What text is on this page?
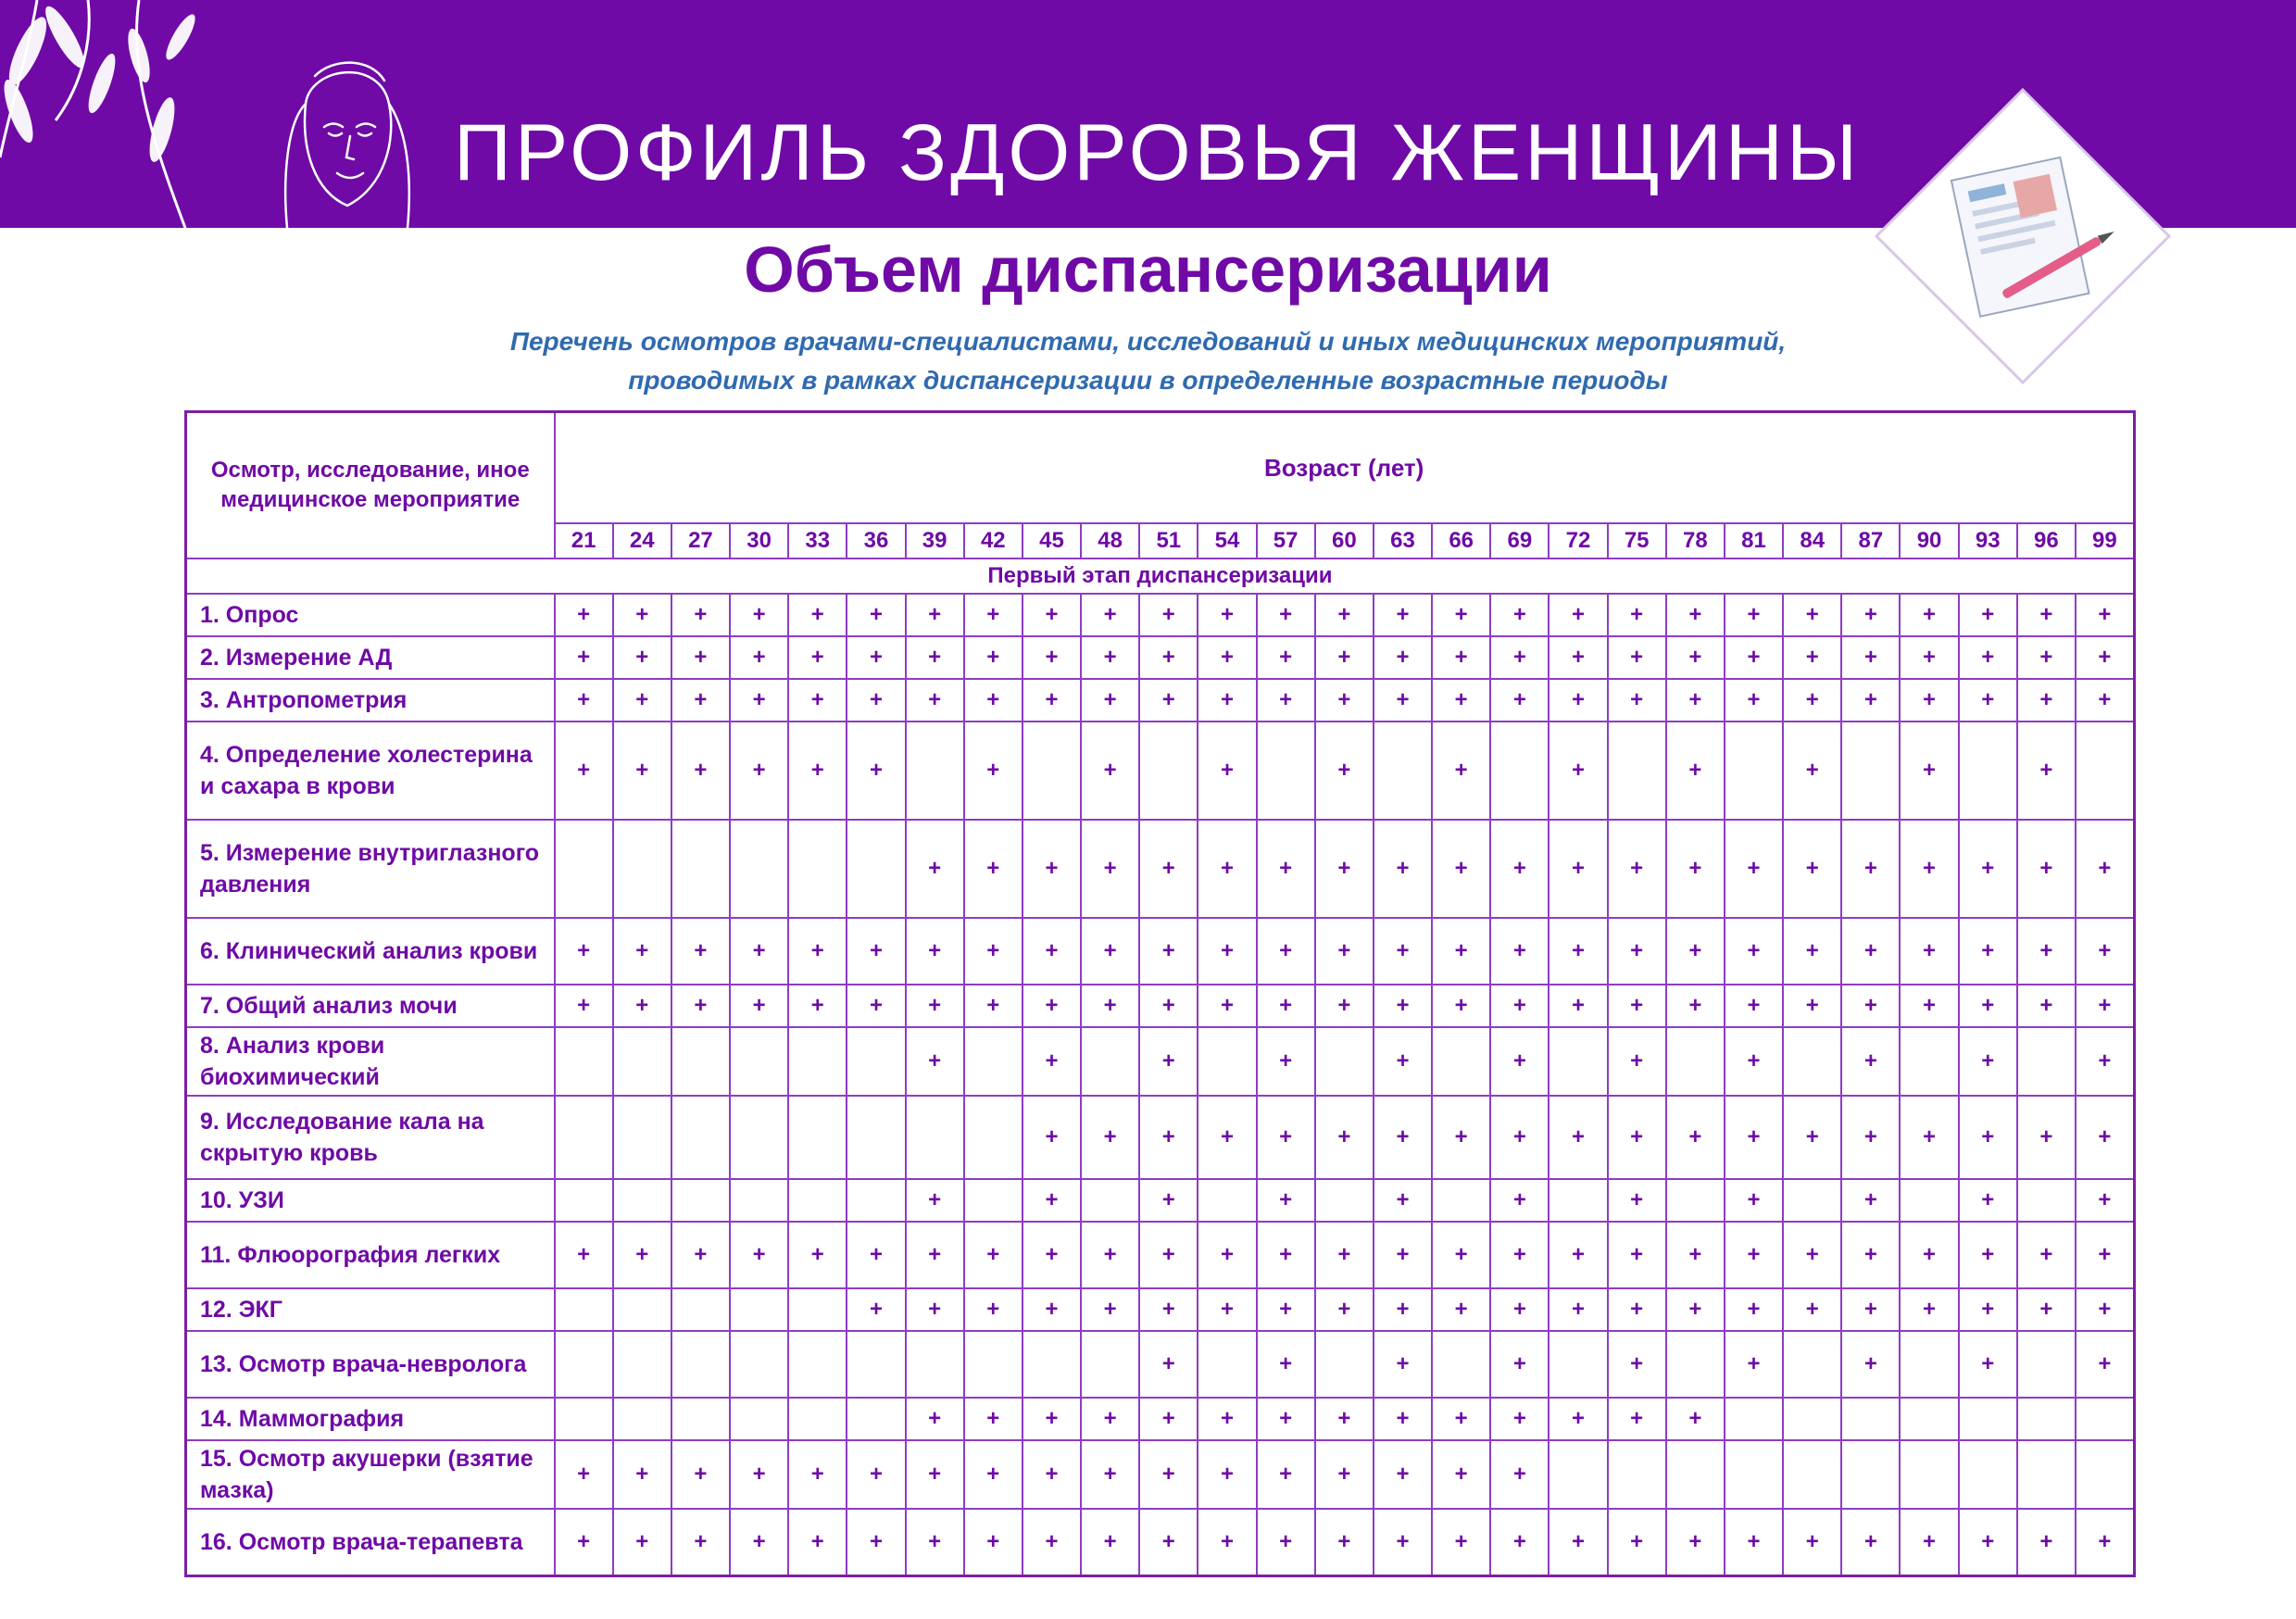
ПРОФИЛЬ ЗДОРОВЬЯ ЖЕНЩИНЫ
Объем диспансеризации
Перечень осмотров врачами-специалистами, исследований и иных медицинских мероприятий,
проводимых в рамках диспансеризации в определенные возрастные периоды
Осмотр, исследование, иное медицинское мероприятие	Возраст (лет)																										
	21	24	27	30	33	36	39	42	45	48	51	54	57	60	63	66	69	72	75	78	81	84	87	90	93	96	99
Первый этап диспансеризации																											
1. Опрос	+	+	+	+	+	+	+	+	+	+	+	+	+	+	+	+	+	+	+	+	+	+	+	+	+	+	+
2. Измерение АД	+	+	+	+	+	+	+	+	+	+	+	+	+	+	+	+	+	+	+	+	+	+	+	+	+	+	+
3. Антропометрия	+	+	+	+	+	+	+	+	+	+	+	+	+	+	+	+	+	+	+	+	+	+	+	+	+	+	+
4. Определение холестерина и сахара в крови	+	+	+	+	+	+		+		+		+		+		+		+		+		+		+		+	
5. Измерение внутриглазного давления							+	+	+	+	+	+	+	+	+	+	+	+	+	+	+	+	+	+	+	+	+
6. Клинический анализ крови	+	+	+	+	+	+	+	+	+	+	+	+	+	+	+	+	+	+	+	+	+	+	+	+	+	+	+
7. Общий анализ мочи	+	+	+	+	+	+	+	+	+	+	+	+	+	+	+	+	+	+	+	+	+	+	+	+	+	+	+
8. Анализ крови биохимический							+		+		+		+		+		+		+		+		+		+		+
9. Исследование кала на скрытую кровь									+	+	+	+	+	+	+	+	+	+	+	+	+	+	+	+	+	+	+
10. УЗИ							+		+		+		+		+		+		+		+		+		+		+
11. Флюорография легких	+	+	+	+	+	+	+	+	+	+	+	+	+	+	+	+	+	+	+	+	+	+	+	+	+	+	+
12. ЭКГ						+	+	+	+	+	+	+	+	+	+	+	+	+	+	+	+	+	+	+	+	+	+
13. Осмотр врача-невролога											+		+		+		+		+		+		+		+		+
14. Маммография							+	+	+	+	+	+	+	+	+	+	+	+	+	+							
15. Осмотр акушерки (взятие мазка)	+	+	+	+	+	+	+	+	+	+	+	+	+	+	+	+	+										
16. Осмотр врача-терапевта	+	+	+	+	+	+	+	+	+	+	+	+	+	+	+	+	+	+	+	+	+	+	+	+	+	+	+
